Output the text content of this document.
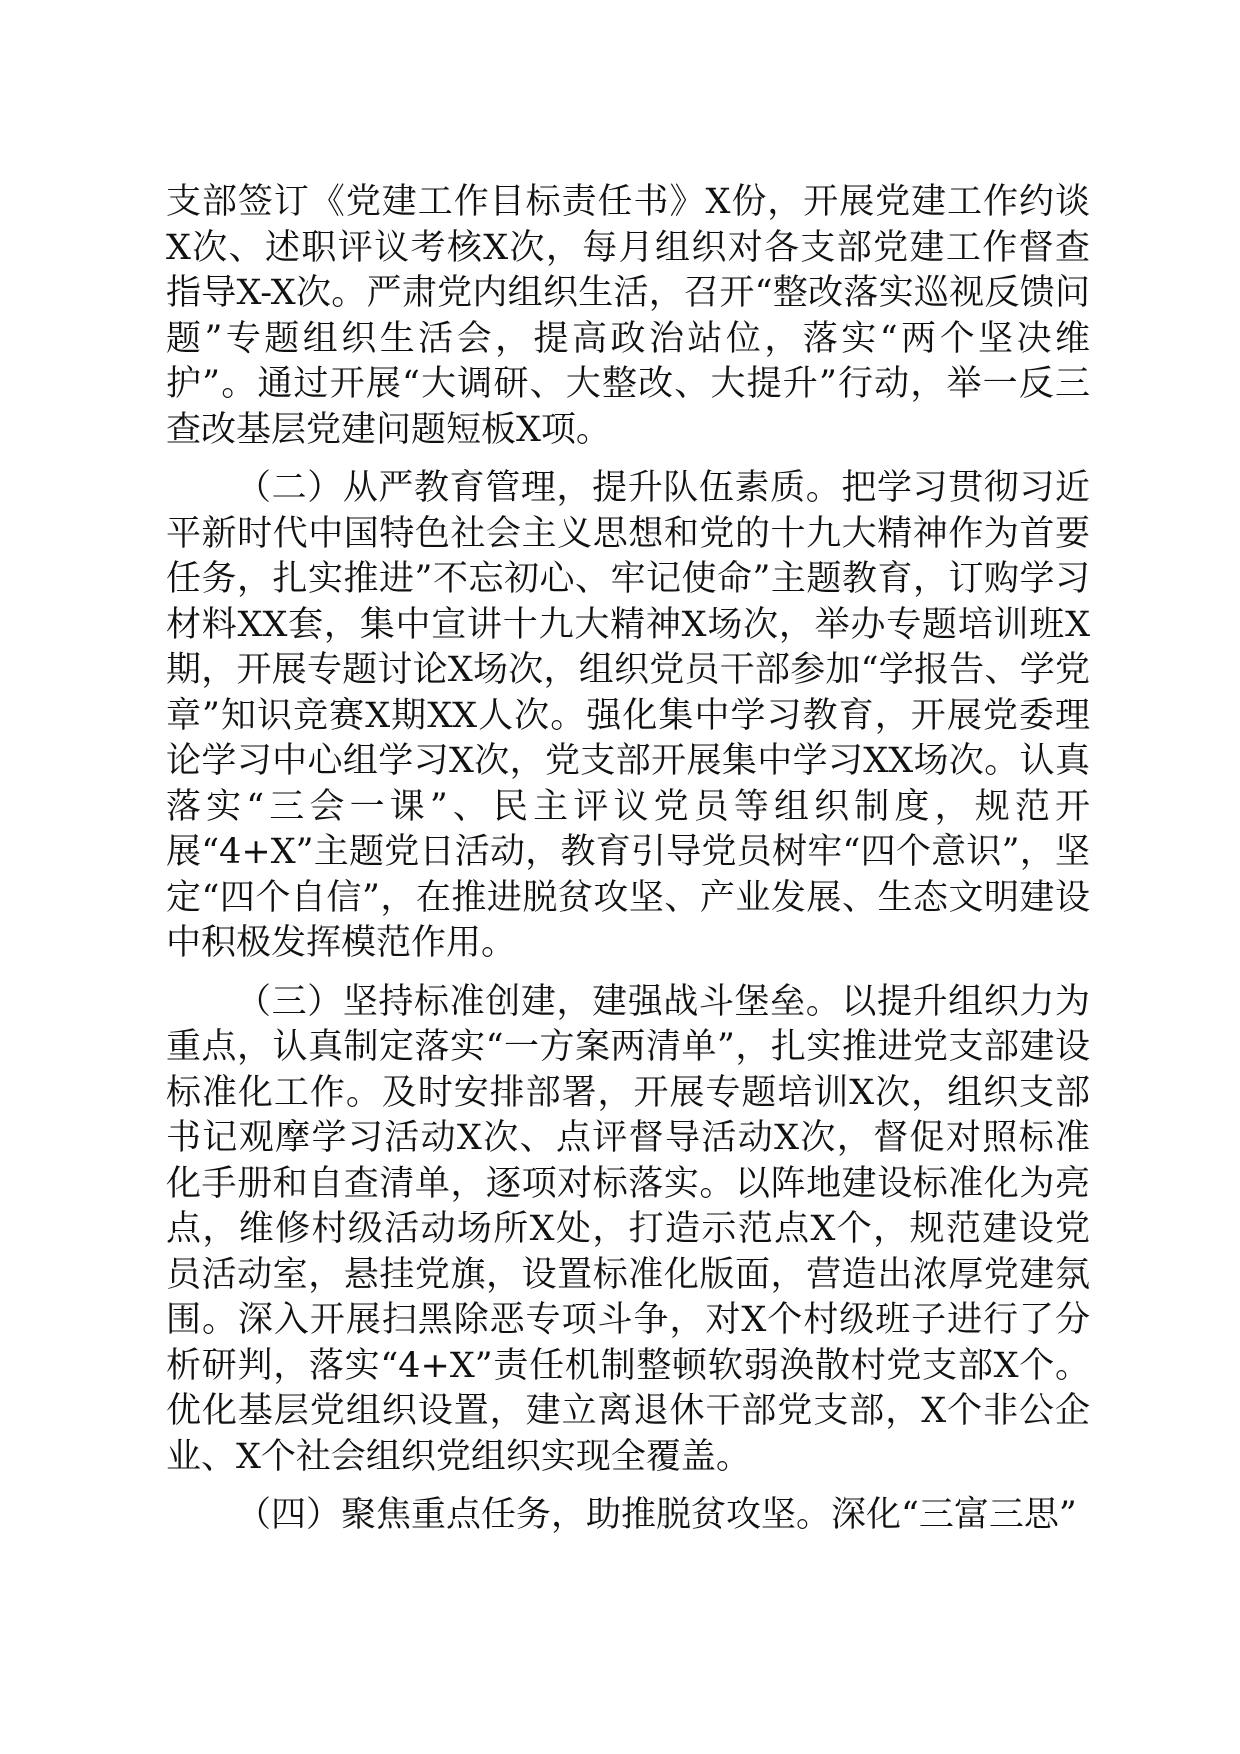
支部签订《党建工作目标责任书》X份，开展党建工作约谈X次、述职评议考核X次，每月组织对各支部党建工作督查指导X-X次。严肃党内组织生活，召开“整改落实巡视反馈问题”专题组织生活会，提高政治站位，落实“两个坚决维护”。通过开展“大调研、大整改、大提升”行动，举一反三查改基层党建问题短板X项。

（二）从严教育管理，提升队伍素质。把学习贯彻习近平新时代中国特色社会主义思想和党的十九大精神作为首要任务，扎实推进”不忘初心、牢记使命”主题教育，订购学习材料XX套，集中宣讲十九大精神X场次，举办专题培训班X期，开展专题讨论X场次，组织党员干部参加“学报告、学党章”知识竞赛X期XX人次。强化集中学习教育，开展党委理论学习中心组学习X次，党支部开展集中学习XX场次。认真落实“三会一课”、民主评议党员等组织制度，规范开展“4+X”主题党日活动，教育引导党员树牢“四个意识”，坚定“四个自信”，在推进脱贫攻坚、产业发展、生态文明建设中积极发挥模范作用。

（三）坚持标准创建，建强战斗堡垒。以提升组织力为重点，认真制定落实“一方案两清单”，扎实推进党支部建设标准化工作。及时安排部署，开展专题培训X次，组织支部书记观摩学习活动X次、点评督导活动X次，督促对照标准化手册和自查清单，逐项对标落实。以阵地建设标准化为亮点，维修村级活动场所X处，打造示范点X个，规范建设党员活动室，悬挂党旗，设置标准化版面，营造出浓厚党建氛围。深入开展扫黑除恶专项斗争，对X个村级班子进行了分析研判，落实“4+X”责任机制整顿软弱涣散村党支部X个。优化基层党组织设置，建立离退休干部党支部，X个非公企业、X个社会组织党组织实现全覆盖。

（四）聚焦重点任务，助推脱贫攻坚。深化“三富三思”
